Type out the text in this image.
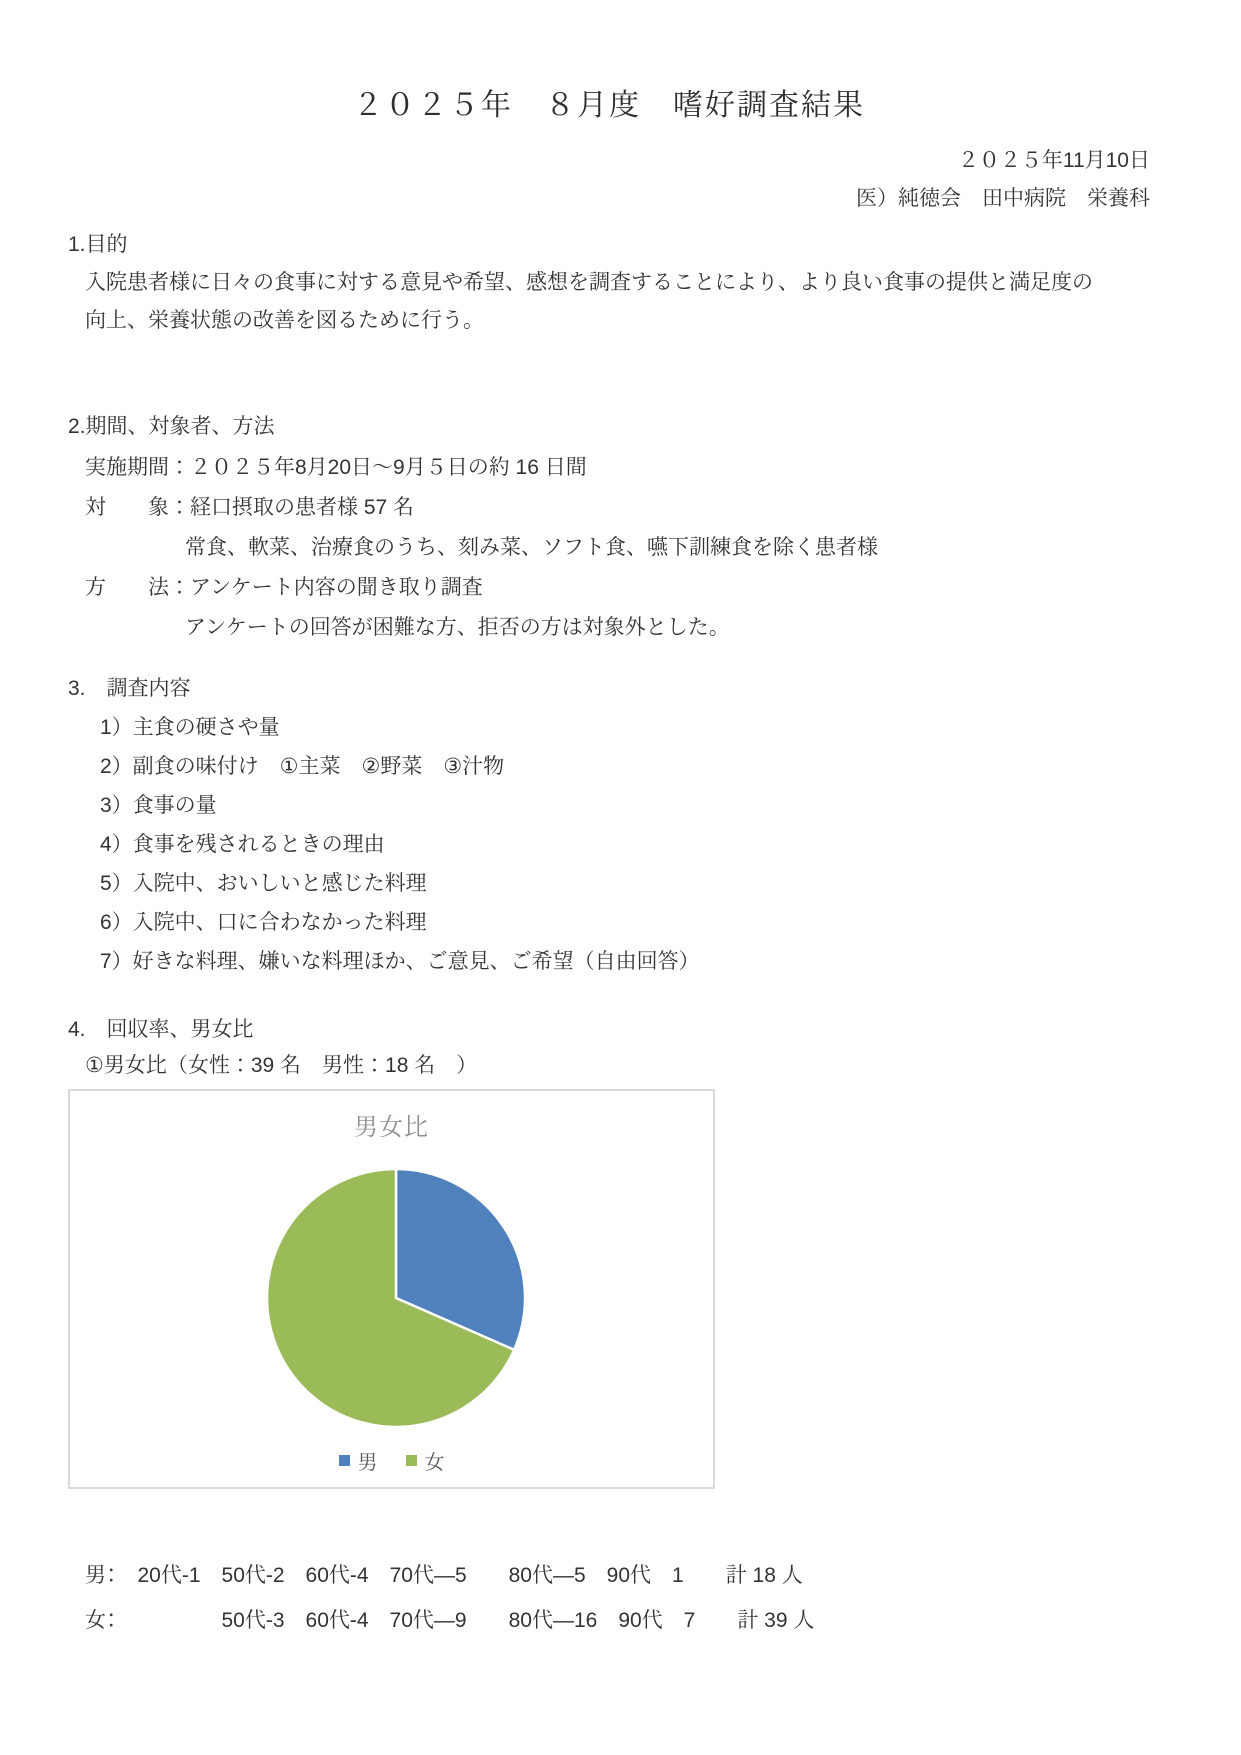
２０２５年　８月度　嗜好調査結果
２０２５年11月10日
医）純徳会　田中病院　栄養科
1.目的
入院患者様に日々の食事に対する意見や希望、感想を調査することにより、より良い食事の提供と満足度の
向上、栄養状態の改善を図るために行う。
2.期間、対象者、方法
実施期間：２０２５年8月20日～9月５日の約 16 日間
対　　象：経口摂取の患者様 57 名
常食、軟菜、治療食のうち、刻み菜、ソフト食、嚥下訓練食を除く患者様
方　　法：アンケート内容の聞き取り調査
アンケートの回答が困難な方、拒否の方は対象外とした。
3.　調査内容
1）主食の硬さや量
2）副食の味付け　①主菜　②野菜　③汁物
3）食事の量
4）食事を残されるときの理由
5）入院中、おいしいと感じた料理
6）入院中、口に合わなかった料理
7）好きな料理、嫌いな料理ほか、ご意見、ご希望（自由回答）
4.　回収率、男女比
①男女比（女性：39 名　男性：18 名　）
男女比
男 女
男：　20代-1　50代-2　60代-4　70代―5　　80代―5　90代　1　　計 18 人
女：　　　　　50代-3　60代-4　70代―9　　80代―16　90代　7　　計 39 人
